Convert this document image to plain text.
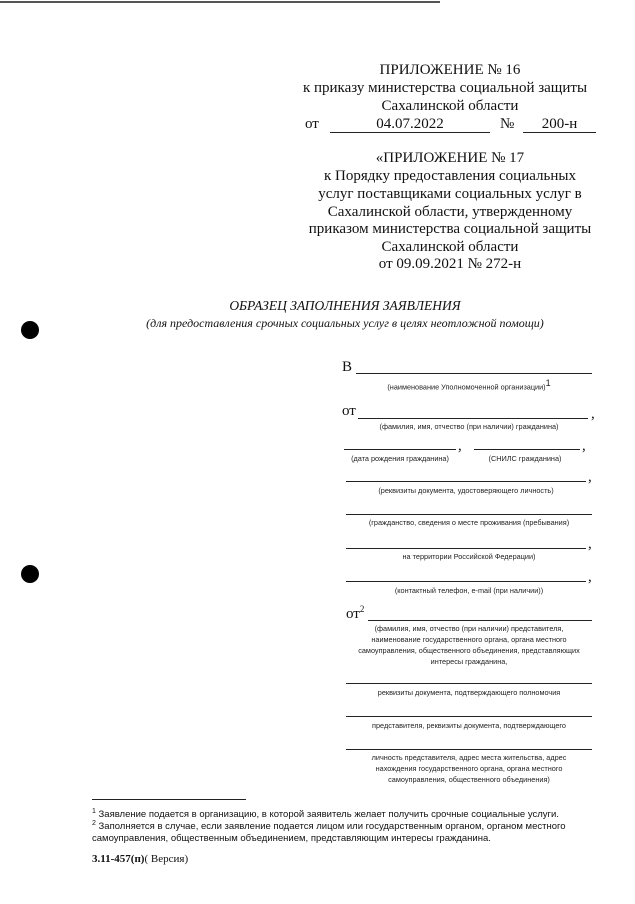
ПРИЛОЖЕНИЕ № 16
к приказу министерства социальной защиты
Сахалинской области
от	04.07.2022	№	200-н
«ПРИЛОЖЕНИЕ № 17
к Порядку предоставления социальных
услуг поставщиками социальных услуг в
Сахалинской области, утвержденному
приказом министерства социальной защиты
Сахалинской области
от 09.09.2021 № 272-н
ОБРАЗЕЦ ЗАПОЛНЕНИЯ ЗАЯВЛЕНИЯ
(для предоставления срочных социальных услуг в целях неотложной помощи)
В
(наименование Уполномоченной организации)$^1$
от	,
(фамилия, имя, отчество (при наличии) гражданина)
,	,
(дата рождения гражданина)	(СНИЛС гражданина)
,
(реквизиты документа, удостоверяющего личность)
(гражданство, сведения о месте проживания (пребывания)
,
на территории Российской Федерации)
,
(контактный телефон, e-mail (при наличии))
$от^2$
(фамилия, имя, отчество (при наличии) представителя,
наименование государственного органа, органа местного
самоуправления, общественного объединения, представляющих
интересы гражданина,
реквизиты документа, подтверждающего полномочия
представителя, реквизиты документа, подтверждающего
личность представителя, адрес места жительства, адрес
нахождения государственного органа, органа местного
самоуправления, общественного объединения)
$^1$ Заявление подается в организацию, в которой заявитель желает получить срочные социальные услуги.
$^2$ Заполняется в случае, если заявление подается лицом или государственным органом, органом местного
самоуправления, общественным объединением, представляющим интересы гражданина.
3.11-457(п)( Версия)
